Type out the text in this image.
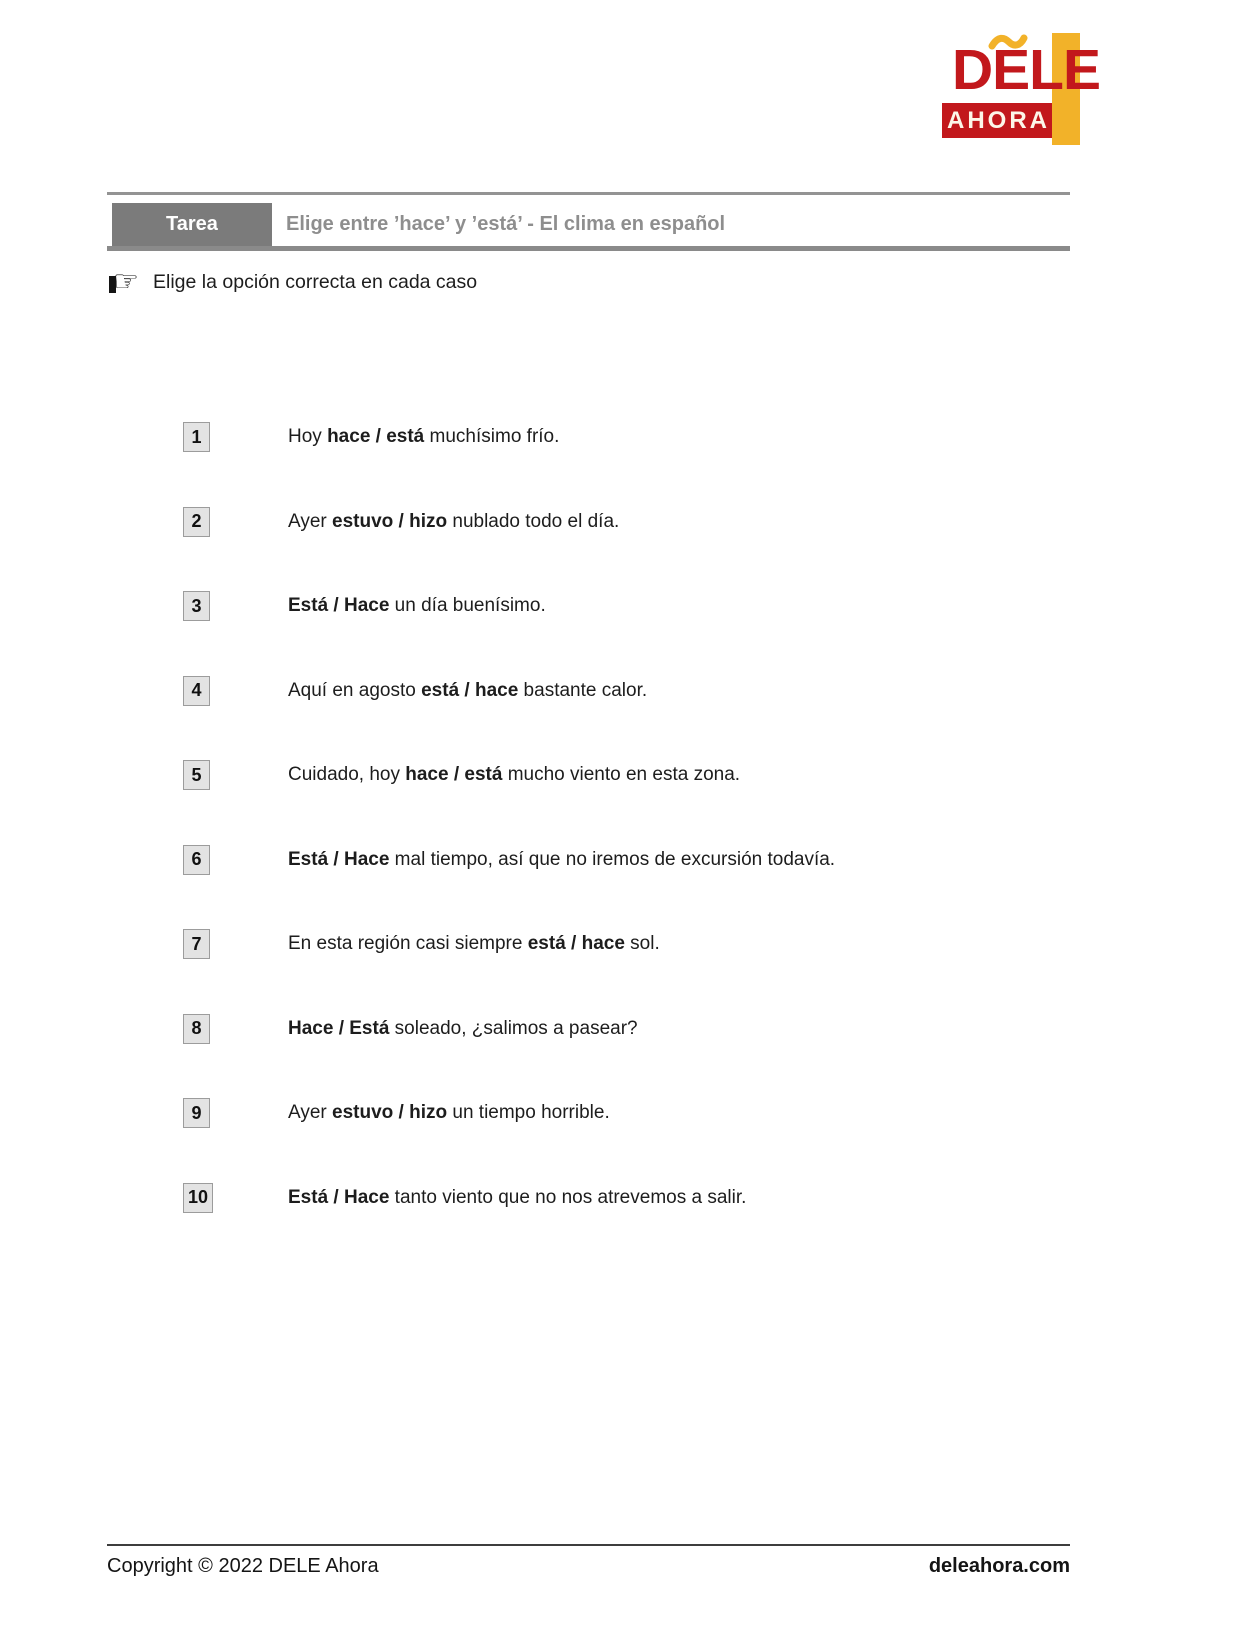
DELE
AHORA
Tarea	Elige entre ’hace’ y ’está’ - El clima en español
☞ Elige la opción correcta en cada caso
1	Hoy hace / está muchísimo frío.
2	Ayer estuvo / hizo nublado todo el día.
3	Está / Hace un día buenísimo.
4	Aquí en agosto está / hace bastante calor.
5	Cuidado, hoy hace / está mucho viento en esta zona.
6	Está / Hace mal tiempo, así que no iremos de excursión todavía.
7	En esta región casi siempre está / hace sol.
8	Hace / Está soleado, ¿salimos a pasear?
9	Ayer estuvo / hizo un tiempo horrible.
10	Está / Hace tanto viento que no nos atrevemos a salir.
Copyright © 2022 DELE Ahora	deleahora.com
